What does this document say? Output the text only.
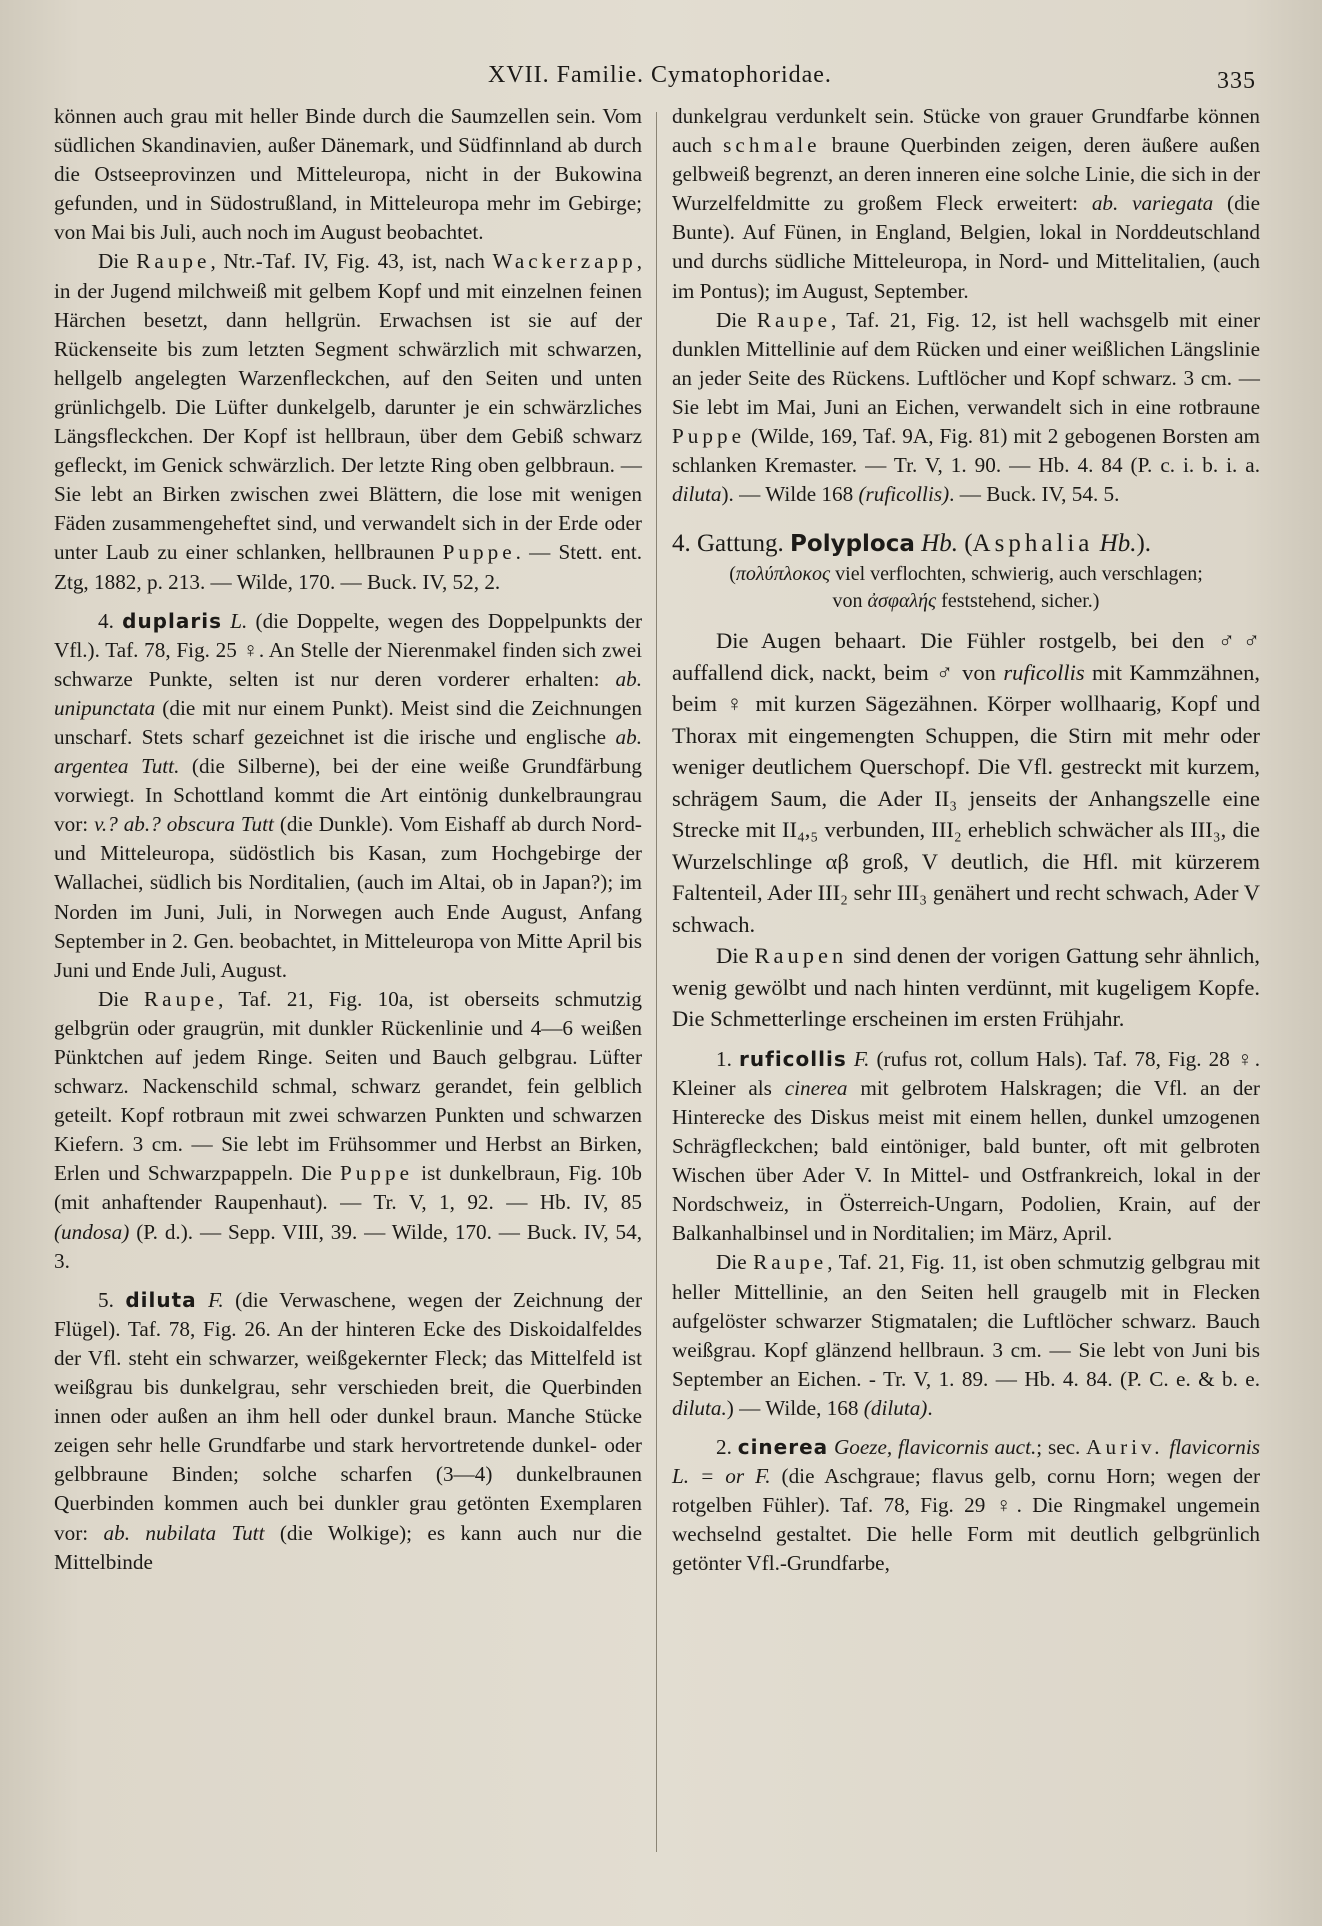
XVII. Familie. Cymatophoridae.	335

können auch grau mit heller Binde durch die Saumzellen sein. Vom südlichen Skandinavien, außer Dänemark, und Südfinnland ab durch die Ostseeprovinzen und Mitteleuropa, nicht in der Bukowina gefunden, und in Südostrußland, in Mitteleuropa mehr im Gebirge; von Mai bis Juli, auch noch im August beobachtet.

Die Raupe, Ntr.-Taf. IV, Fig. 43, ist, nach Wackerzapp, in der Jugend milchweiß mit gelbem Kopf und mit einzelnen feinen Härchen besetzt, dann hellgrün. Erwachsen ist sie auf der Rückenseite bis zum letzten Segment schwärzlich mit schwarzen, hellgelb angelegten Warzenfleckchen, auf den Seiten und unten grünlichgelb. Die Lüfter dunkelgelb, darunter je ein schwärzliches Längsfleckchen. Der Kopf ist hellbraun, über dem Gebiß schwarz gefleckt, im Genick schwärzlich. Der letzte Ring oben gelbbraun. — Sie lebt an Birken zwischen zwei Blättern, die lose mit wenigen Fäden zusammengeheftet sind, und verwandelt sich in der Erde oder unter Laub zu einer schlanken, hellbraunen Puppe. — Stett. ent. Ztg, 1882, p. 213. — Wilde, 170. — Buck. IV, 52, 2.

4. duplaris L. (die Doppelte, wegen des Doppelpunkts der Vfl.). Taf. 78, Fig. 25 ♀. An Stelle der Nierenmakel finden sich zwei schwarze Punkte, selten ist nur deren vorderer erhalten: ab. unipunctata (die mit nur einem Punkt). Meist sind die Zeichnungen unscharf. Stets scharf gezeichnet ist die irische und englische ab. argentea Tutt. (die Silberne), bei der eine weiße Grundfärbung vorwiegt. In Schottland kommt die Art eintönig dunkelbraungrau vor: v.? ab.? obscura Tutt (die Dunkle). Vom Eishaff ab durch Nord- und Mitteleuropa, südöstlich bis Kasan, zum Hochgebirge der Wallachei, südlich bis Norditalien, (auch im Altai, ob in Japan?); im Norden im Juni, Juli, in Norwegen auch Ende August, Anfang September in 2. Gen. beobachtet, in Mitteleuropa von Mitte April bis Juni und Ende Juli, August.

Die Raupe, Taf. 21, Fig. 10a, ist oberseits schmutzig gelbgrün oder graugrün, mit dunkler Rückenlinie und 4—6 weißen Pünktchen auf jedem Ringe. Seiten und Bauch gelbgrau. Lüfter schwarz. Nackenschild schmal, schwarz gerandet, fein gelblich geteilt. Kopf rotbraun mit zwei schwarzen Punkten und schwarzen Kiefern. 3 cm. — Sie lebt im Frühsommer und Herbst an Birken, Erlen und Schwarzpappeln. Die Puppe ist dunkelbraun, Fig. 10b (mit anhaftender Raupenhaut). — Tr. V, 1, 92. — Hb. IV, 85 (undosa) (P. d.). — Sepp. VIII, 39. — Wilde, 170. — Buck. IV, 54, 3.

5. diluta F. (die Verwaschene, wegen der Zeichnung der Flügel). Taf. 78, Fig. 26. An der hinteren Ecke des Diskoidalfeldes der Vfl. steht ein schwarzer, weißgekernter Fleck; das Mittelfeld ist weißgrau bis dunkelgrau, sehr verschieden breit, die Querbinden innen oder außen an ihm hell oder dunkel braun. Manche Stücke zeigen sehr helle Grundfarbe und stark hervortretende dunkel- oder gelbbraune Binden; solche scharfen (3—4) dunkelbraunen Querbinden kommen auch bei dunkler grau getönten Exemplaren vor: ab. nubilata Tutt (die Wolkige); es kann auch nur die Mittelbinde

dunkelgrau verdunkelt sein. Stücke von grauer Grundfarbe können auch schmale braune Querbinden zeigen, deren äußere außen gelbweiß begrenzt, an deren inneren eine solche Linie, die sich in der Wurzelfeldmitte zu großem Fleck erweitert: ab. variegata (die Bunte). Auf Fünen, in England, Belgien, lokal in Norddeutschland und durchs südliche Mitteleuropa, in Nord- und Mittelitalien, (auch im Pontus); im August, September.

Die Raupe, Taf. 21, Fig. 12, ist hell wachsgelb mit einer dunklen Mittellinie auf dem Rücken und einer weißlichen Längslinie an jeder Seite des Rückens. Luftlöcher und Kopf schwarz. 3 cm. — Sie lebt im Mai, Juni an Eichen, verwandelt sich in eine rotbraune Puppe (Wilde, 169, Taf. 9A, Fig. 81) mit 2 gebogenen Borsten am schlanken Kremaster. — Tr. V, 1. 90. — Hb. 4. 84 (P. c. i. b. i. a. diluta). — Wilde 168 (ruficollis). — Buck. IV, 54. 5.

4. Gattung. Polyploca Hb. (Asphalia Hb.).

(πολύπλοκος viel verflochten, schwierig, auch verschlagen;
von ἀσφαλής feststehend, sicher.)

Die Augen behaart. Die Fühler rostgelb, bei den ♂♂ auffallend dick, nackt, beim ♂ von ruficollis mit Kammzähnen, beim ♀ mit kurzen Sägezähnen. Körper wollhaarig, Kopf und Thorax mit eingemengten Schuppen, die Stirn mit mehr oder weniger deutlichem Querschopf. Die Vfl. gestreckt mit kurzem, schrägem Saum, die Ader II₃ jenseits der Anhangszelle eine Strecke mit II₄,₅ verbunden, III₂ erheblich schwächer als III₃, die Wurzelschlinge αβ groß, V deutlich, die Hfl. mit kürzerem Faltenteil, Ader III₂ sehr III₃ genähert und recht schwach, Ader V schwach.

Die Raupen sind denen der vorigen Gattung sehr ähnlich, wenig gewölbt und nach hinten verdünnt, mit kugeligem Kopfe. Die Schmetterlinge erscheinen im ersten Frühjahr.

1. ruficollis F. (rufus rot, collum Hals). Taf. 78, Fig. 28 ♀. Kleiner als cinerea mit gelbrotem Halskragen; die Vfl. an der Hinterecke des Diskus meist mit einem hellen, dunkel umzogenen Schrägfleckchen; bald eintöniger, bald bunter, oft mit gelbroten Wischen über Ader V. In Mittel- und Ostfrankreich, lokal in der Nordschweiz, in Österreich-Ungarn, Podolien, Krain, auf der Balkanhalbinsel und in Norditalien; im März, April.

Die Raupe, Taf. 21, Fig. 11, ist oben schmutzig gelbgrau mit heller Mittellinie, an den Seiten hell graugelb mit in Flecken aufgelöster schwarzer Stigmatalen; die Luftlöcher schwarz. Bauch weißgrau. Kopf glänzend hellbraun. 3 cm. — Sie lebt von Juni bis September an Eichen. - Tr. V, 1. 89. — Hb. 4. 84. (P. C. e. & b. e. diluta.) — Wilde, 168 (diluta).

2. cinerea Goeze, flavicornis auct.; sec. Auriv. flavicornis L. = or F. (die Aschgraue; flavus gelb, cornu Horn; wegen der rotgelben Fühler). Taf. 78, Fig. 29 ♀. Die Ringmakel ungemein wechselnd gestaltet. Die helle Form mit deutlich gelbgrünlich getönter Vfl.-Grundfarbe,
